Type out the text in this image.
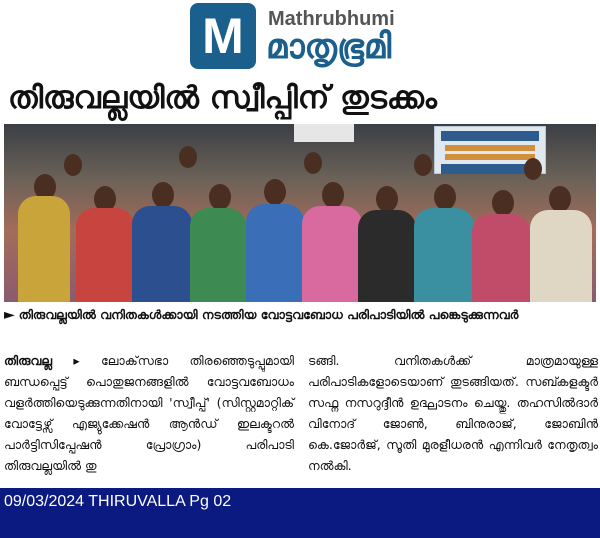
M Mathrubhumi
മാതൃഭൂമി
തിരുവല്ലയിൽ സ്വീപ്പിന് തുടക്കം
► തിരുവല്ലയിൽ വനിതകൾക്കായി നടത്തിയ വോട്ടവബോധ പരിപാടിയിൽ പങ്കെടുക്കുന്നവർ
തിരുവല്ല ▸ ലോക്‌സഭാ തിരഞ്ഞെടുപ്പുമായി ബന്ധപ്പെട്ട് പൊതുജനങ്ങളിൽ വോട്ടവബോധം വളർത്തിയെടുക്കുന്നതിനായി 'സ്വീപ്പ്' (സിസ്റ്റമാറ്റിക് വോട്ടേഴ്സ് എജ്യുക്കേഷൻ ആൻഡ് ഇലക്ടറൽ പാർട്ടിസിപ്പേഷൻ പ്രോഗ്രാം) പരിപാടി തിരുവല്ലയിൽ തു
ടങ്ങി. വനിതകൾക്ക് മാത്രമായുള്ള പരിപാടികളോടെയാണ് തുടങ്ങിയത്. സബ്കളക്ടർ സഫ്ന നസറുദ്ദീൻ ഉദ്ഘാടനം ചെയ്തു. തഹസിൽദാർ വിനോദ് ജോൺ, ബിനുരാജ്, ജോബിൻ കെ.ജോർജ്, സൂതി മുരളീധരൻ എന്നിവർ നേതൃത്വം നൽകി.
09/03/2024 THIRUVALLA Pg 02
